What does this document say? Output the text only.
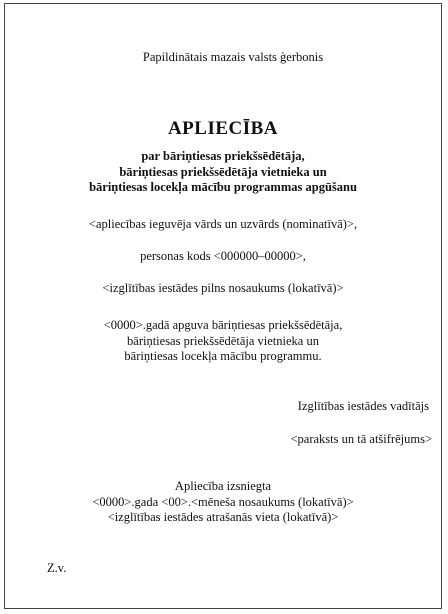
Papildinātais mazais valsts ģerbonis
APLIECĪBA
par bāriņtiesas priekšsēdētāja,
bāriņtiesas priekšsēdētāja vietnieka un
bāriņtiesas locekļa mācību programmas apgūšanu
<apliecības ieguvēja vārds un uzvārds (nominatīvā)>,
personas kods <000000–00000>,
<izglītības iestādes pilns nosaukums (lokatīvā)>
<0000>.gadā apguva bāriņtiesas priekšsēdētāja,
bāriņtiesas priekšsēdētāja vietnieka un
bāriņtiesas locekļa mācību programmu.
Izglītības iestādes vadītājs
<paraksts un tā atšifrējums>
Apliecība izsniegta
<0000>.gada <00>.<mēneša nosaukums (lokatīvā)>
<izglītības iestādes atrašanās vieta (lokatīvā)>
Z.v.
